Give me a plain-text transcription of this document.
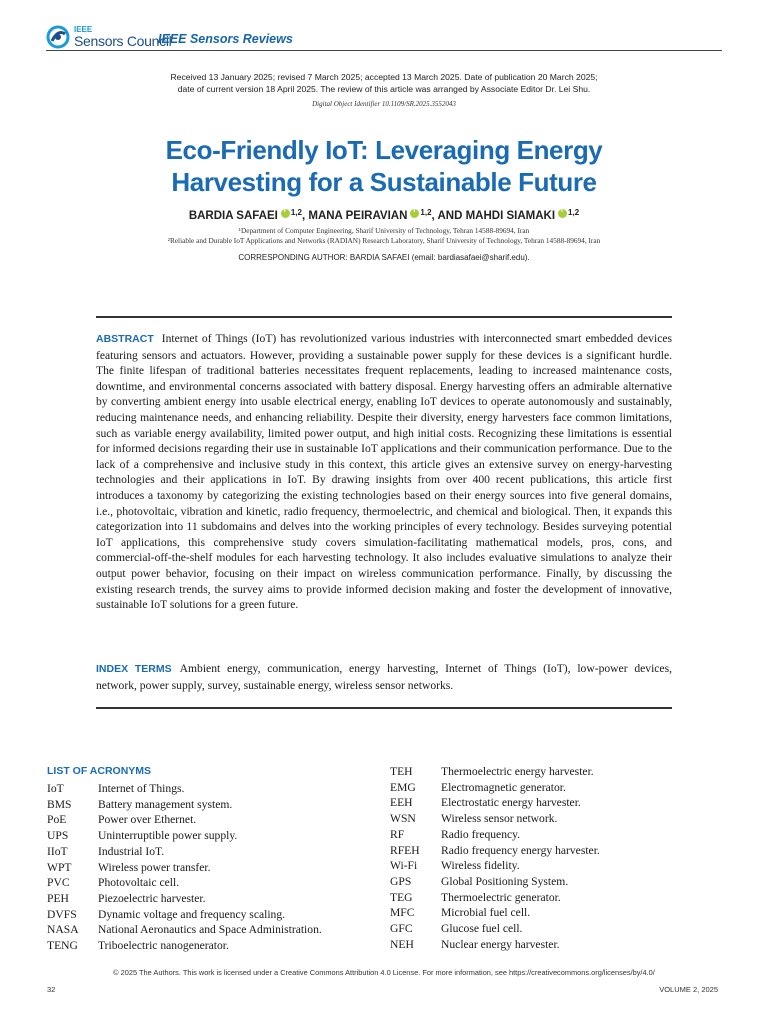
IEEE
Sensors Council
IEEE Sensors Reviews
Received 13 January 2025; revised 7 March 2025; accepted 13 March 2025. Date of publication 20 March 2025;
date of current version 18 April 2025. The review of this article was arranged by Associate Editor Dr. Lei Shu.
Digital Object Identifier 10.1109/SR.2025.3552043
Eco-Friendly IoT: Leveraging Energy
Harvesting for a Sustainable Future
BARDIA SAFAEI i $^{1,2}$, MANA PEIRAVIAN i $^{1,2}$, AND MAHDI SIAMAKI i $^{1,2}$
¹Department of Computer Engineering, Sharif University of Technology, Tehran 14588-89694, Iran
²Reliable and Durable IoT Applications and Networks (RADIAN) Research Laboratory, Sharif University of Technology, Tehran 14588-89694, Iran
CORRESPONDING AUTHOR: BARDIA SAFAEI (email: bardiasafaei@sharif.edu).
ABSTRACT Internet of Things (IoT) has revolutionized various industries with interconnected smart embedded devices featuring sensors and actuators. However, providing a sustainable power supply for these devices is a significant hurdle. The finite lifespan of traditional batteries necessitates frequent replacements, leading to increased maintenance costs, downtime, and environmental concerns associated with battery disposal. Energy harvesting offers an admirable alternative by converting ambient energy into usable electrical energy, enabling IoT devices to operate autonomously and sustainably, reducing maintenance needs, and enhancing reliability. Despite their diversity, energy harvesters face common limitations, such as variable energy availability, limited power output, and high initial costs. Recognizing these limitations is essential for informed decisions regarding their use in sustainable IoT applications and their communication performance. Due to the lack of a comprehensive and inclusive study in this context, this article gives an extensive survey on energy-harvesting technologies and their applications in IoT. By drawing insights from over 400 recent publications, this article first introduces a taxonomy by categorizing the existing technologies based on their energy sources into five general domains, i.e., photovoltaic, vibration and kinetic, radio frequency, thermoelectric, and chemical and biological. Then, it expands this categorization into 11 subdomains and delves into the working principles of every technology. Besides surveying potential IoT applications, this comprehensive study covers simulation-facilitating mathematical models, pros, cons, and commercial-off-the-shelf modules for each harvesting technology. It also includes evaluative simulations to analyze their output power behavior, focusing on their impact on wireless communication performance. Finally, by discussing the existing research trends, the survey aims to provide informed decision making and foster the development of innovative, sustainable IoT solutions for a green future.
INDEX TERMS Ambient energy, communication, energy harvesting, Internet of Things (IoT), low-power devices, network, power supply, survey, sustainable energy, wireless sensor networks.
LIST OF ACRONYMS
IoT	Internet of Things.
BMS	Battery management system.
PoE	Power over Ethernet.
UPS	Uninterruptible power supply.
IIoT	Industrial IoT.
WPT	Wireless power transfer.
PVC	Photovoltaic cell.
PEH	Piezoelectric harvester.
DVFS	Dynamic voltage and frequency scaling.
NASA	National Aeronautics and Space Administration.
TENG	Triboelectric nanogenerator.
TEH	Thermoelectric energy harvester.
EMG	Electromagnetic generator.
EEH	Electrostatic energy harvester.
WSN	Wireless sensor network.
RF	Radio frequency.
RFEH	Radio frequency energy harvester.
Wi-Fi	Wireless fidelity.
GPS	Global Positioning System.
TEG	Thermoelectric generator.
MFC	Microbial fuel cell.
GFC	Glucose fuel cell.
NEH	Nuclear energy harvester.
© 2025 The Authors. This work is licensed under a Creative Commons Attribution 4.0 License. For more information, see https://creativecommons.org/licenses/by/4.0/
32	VOLUME 2, 2025
